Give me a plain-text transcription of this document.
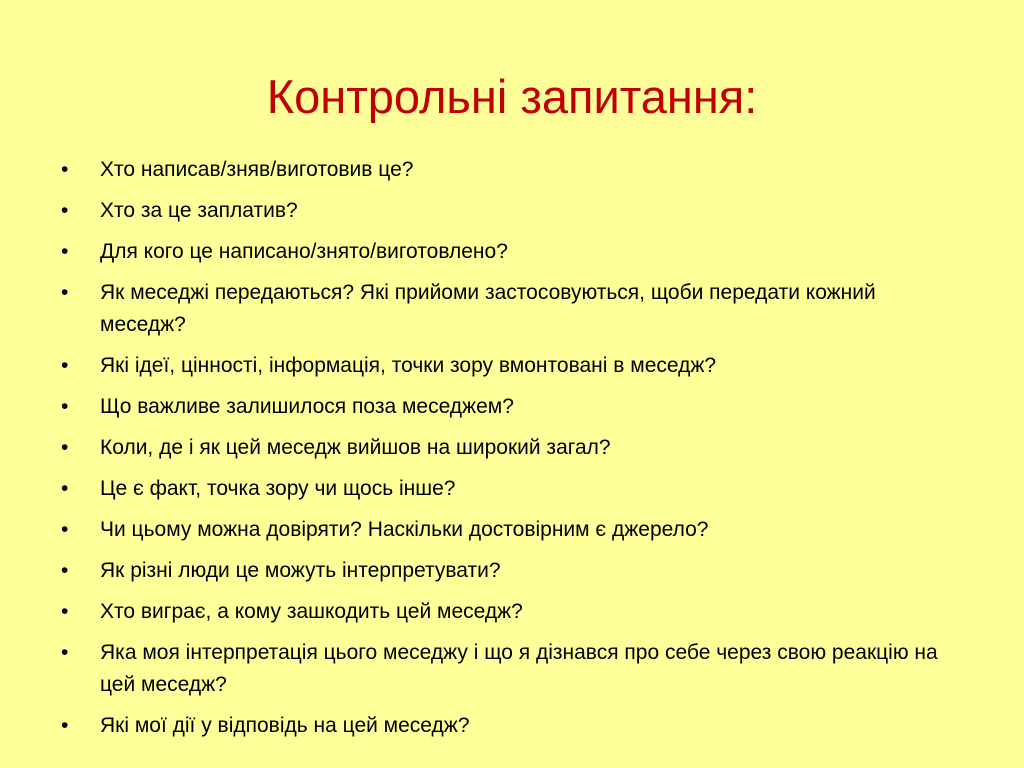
Контрольні запитання:
• Хто написав/зняв/виготовив це?
• Хто за це заплатив?
• Для кого це написано/знято/виготовлено?
• Як меседжі передаються? Які прийоми застосовуються, щоби передати кожний меседж?
• Які ідеї, цінності, інформація, точки зору вмонтовані в меседж?
• Що важливе залишилося поза меседжем?
• Коли, де і як цей меседж вийшов на широкий загал?
• Це є факт, точка зору чи щось інше?
• Чи цьому можна довіряти? Наскільки достовірним є джерело?
• Як різні люди це можуть інтерпретувати?
• Хто виграє, а кому зашкодить цей меседж?
• Яка моя інтерпретація цього меседжу і що я дізнався про себе через свою реакцію на цей меседж?
• Які мої дії у відповідь на цей меседж?
